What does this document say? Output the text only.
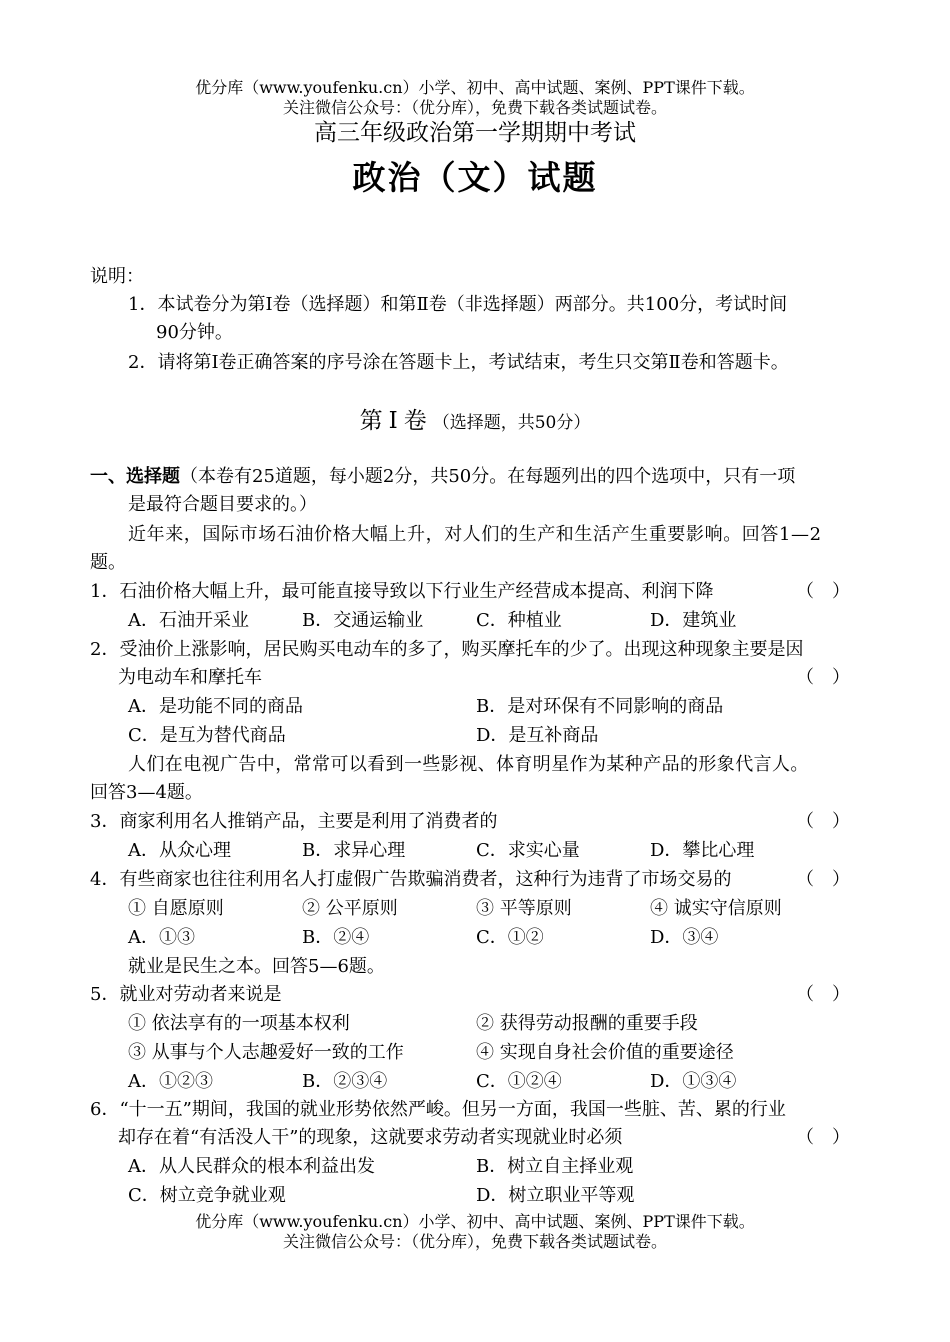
优分库（www.youfenku.cn）小学、初中、高中试题、案例、PPT课件下载。
关注微信公众号：（优分库），免费下载各类试题试卷。
高三年级政治第一学期期中考试
政治（文）试题
说明：
1．本试卷分为第Ⅰ卷（选择题）和第Ⅱ卷（非选择题）两部分。共100分，考试时间
90分钟。
2．请将第Ⅰ卷正确答案的序号涂在答题卡上，考试结束，考生只交第Ⅱ卷和答题卡。
第Ⅰ卷（选择题，共50分）
一、选择题（本卷有25道题，每小题2分，共50分。在每题列出的四个选项中，只有一项
是最符合题目要求的。）
近年来，国际市场石油价格大幅上升，对人们的生产和生活产生重要影响。回答1—2
题。
1．石油价格大幅上升，最可能直接导致以下行业生产经营成本提高、利润下降	（　）
A．石油开采业	B．交通运输业	C．种植业	D．建筑业
2．受油价上涨影响，居民购买电动车的多了，购买摩托车的少了。出现这种现象主要是因
为电动车和摩托车	（　）
A．是功能不同的商品	B．是对环保有不同影响的商品
C．是互为替代商品	D．是互补商品
人们在电视广告中，常常可以看到一些影视、体育明星作为某种产品的形象代言人。
回答3—4题。
3．商家利用名人推销产品，主要是利用了消费者的	（　）
A．从众心理	B．求异心理	C．求实心量	D．攀比心理
4．有些商家也往往利用名人打虚假广告欺骗消费者，这种行为违背了市场交易的	（　）
① 自愿原则	② 公平原则	③ 平等原则	④ 诚实守信原则
A．①③	B．②④	C．①②	D．③④
就业是民生之本。回答5—6题。
5．就业对劳动者来说是	（　）
① 依法享有的一项基本权利	② 获得劳动报酬的重要手段
③ 从事与个人志趣爱好一致的工作	④ 实现自身社会价值的重要途径
A．①②③	B．②③④	C．①②④	D．①③④
6．“十一五”期间，我国的就业形势依然严峻。但另一方面，我国一些脏、苦、累的行业
却存在着“有活没人干”的现象，这就要求劳动者实现就业时必须	（　）
A．从人民群众的根本利益出发	B．树立自主择业观
C．树立竞争就业观	D．树立职业平等观
优分库（www.youfenku.cn）小学、初中、高中试题、案例、PPT课件下载。
关注微信公众号：（优分库），免费下载各类试题试卷。
